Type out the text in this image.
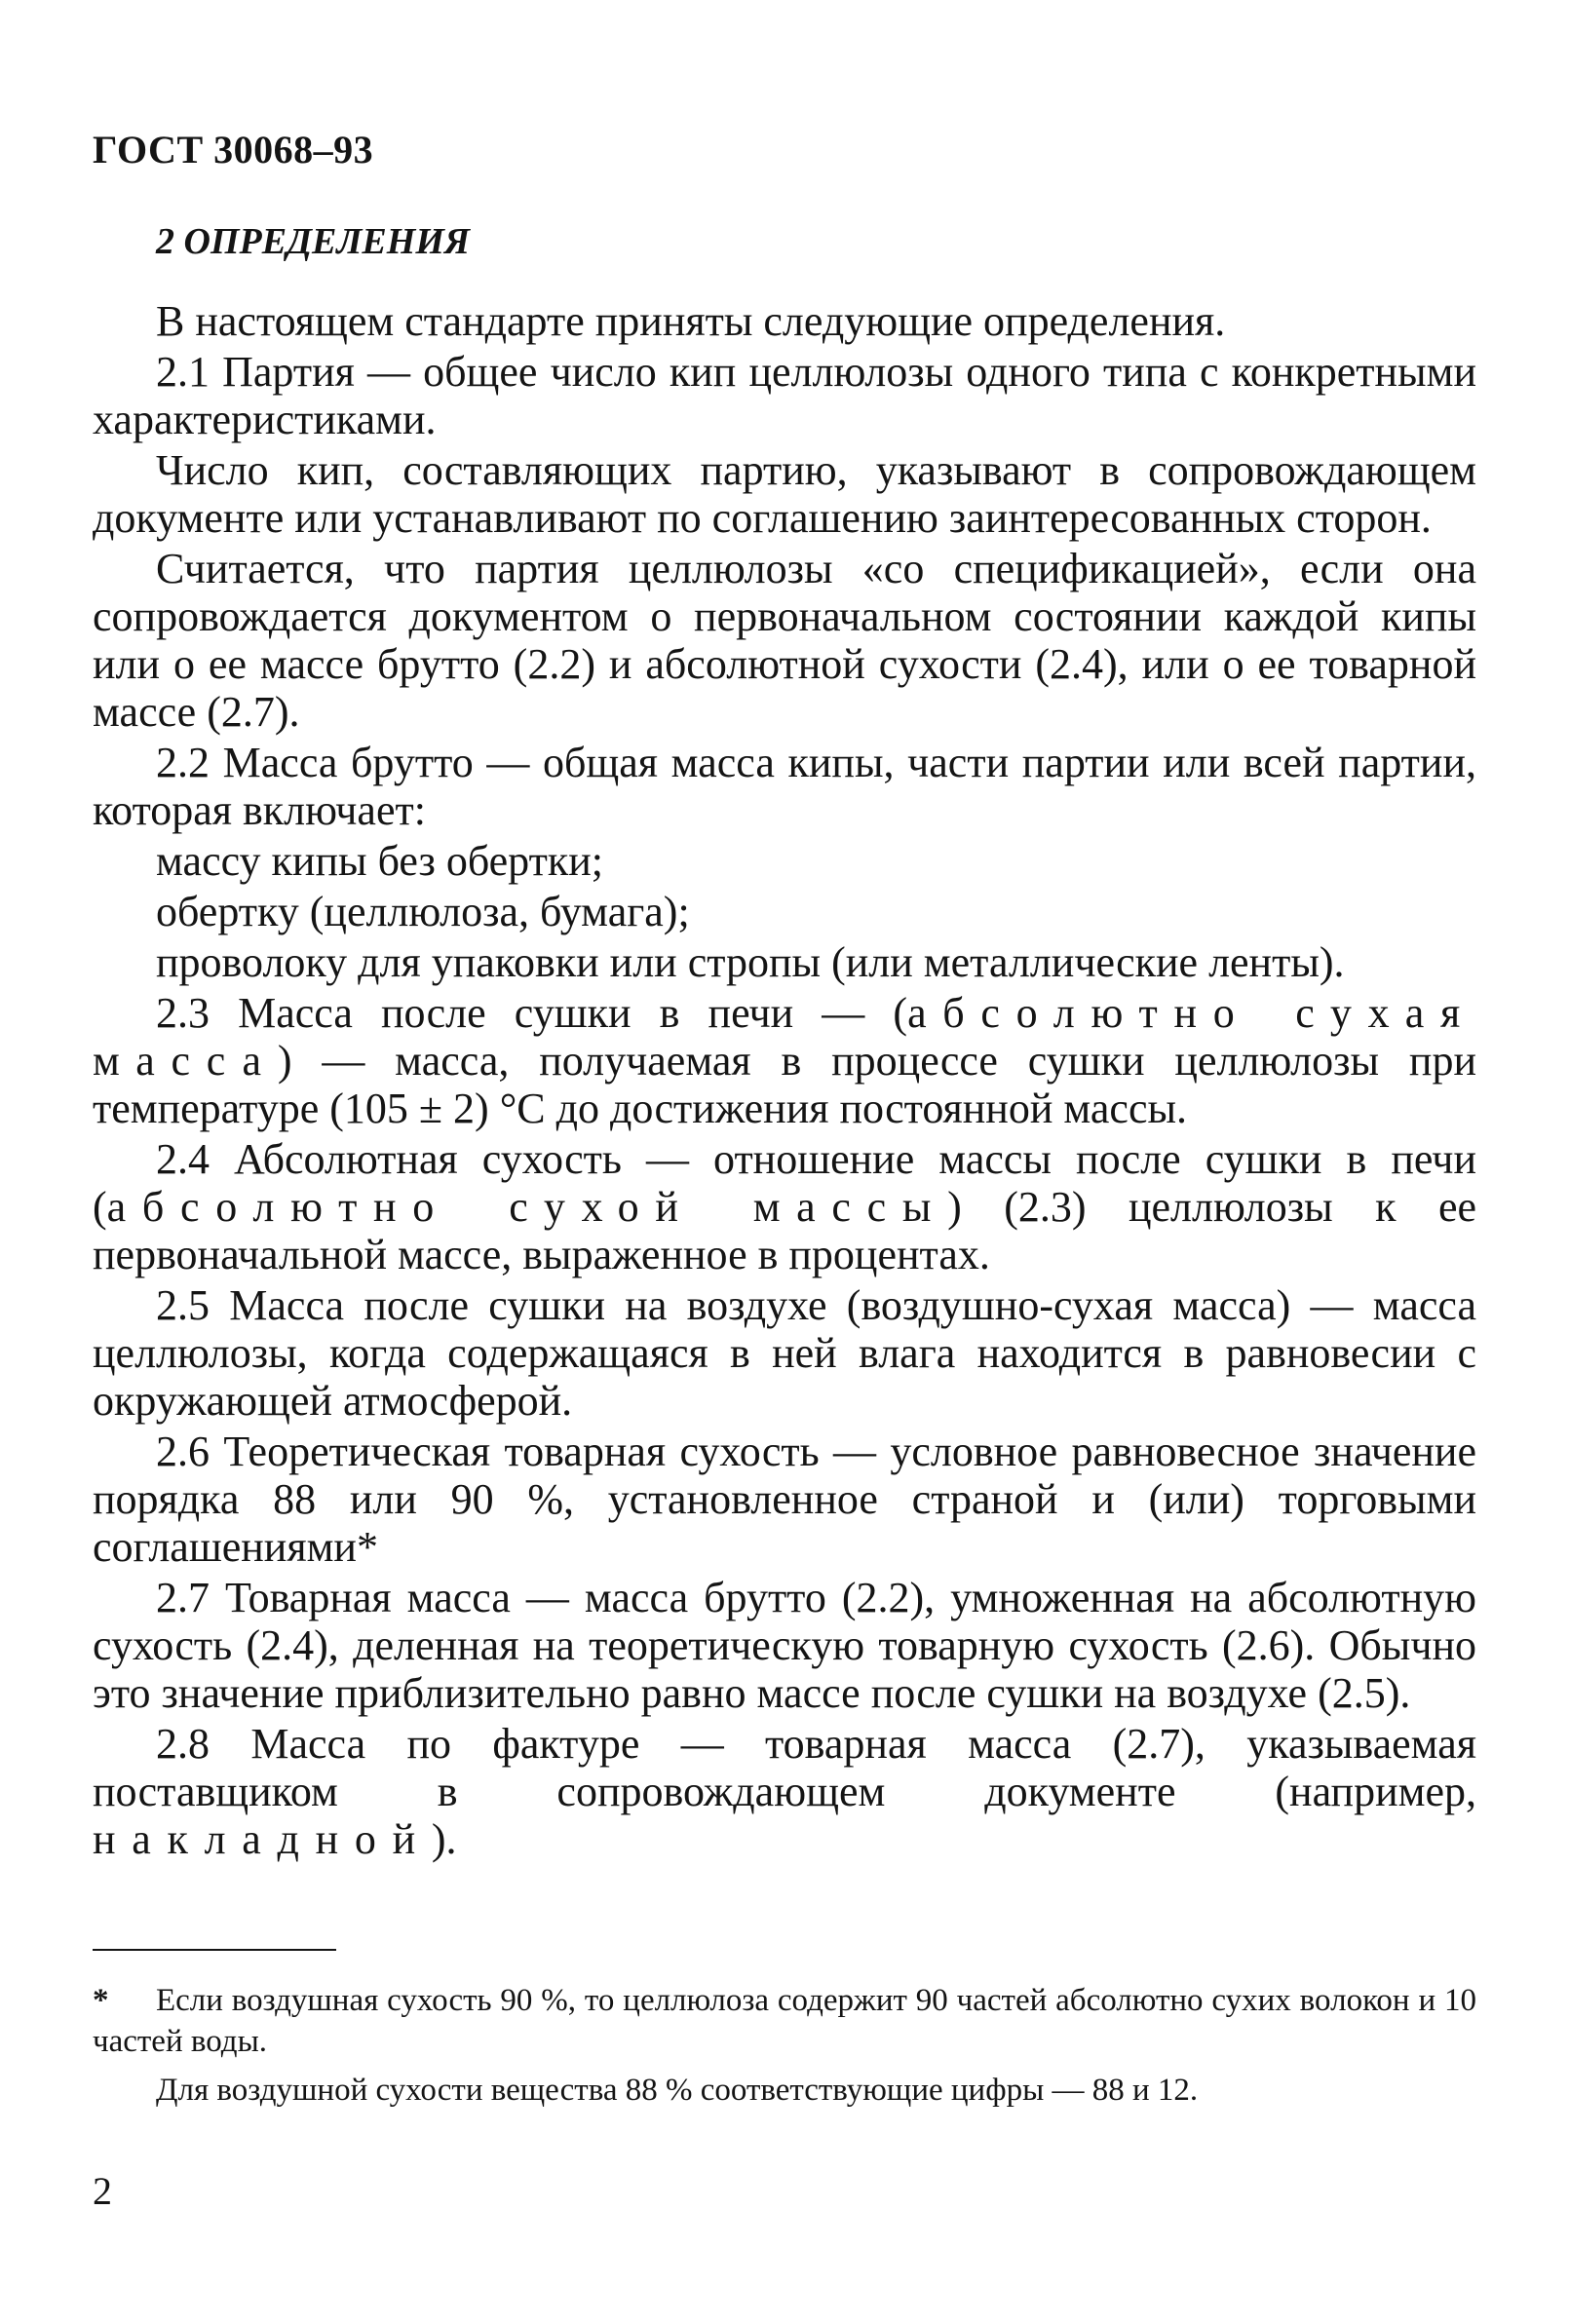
ГОСТ 30068–93
2 ОПРЕДЕЛЕНИЯ

В настоящем стандарте приняты следующие определения.

2.1 Партия — общее число кип целлюлозы одного типа с конкретными характеристиками.

Число кип, составляющих партию, указывают в сопровождающем документе или устанавливают по соглашению заинтересованных сторон.

Считается, что партия целлюлозы «со спецификацией», если она сопровождается документом о первоначальном состоянии каждой кипы или о ее массе брутто (2.2) и абсолютной сухости (2.4), или о ее товарной массе (2.7).

2.2 Масса брутто — общая масса кипы, части партии или всей партии, которая включает:

массу кипы без обертки;

обертку (целлюлоза, бумага);

проволоку для упаковки или стропы (или металлические ленты).

2.3 Масса после сушки в печи — (абсолютно сухая масса) — масса, получаемая в процессе сушки целлюлозы при температуре (105 ± 2) °С до достижения постоянной массы.

2.4 Абсолютная сухость — отношение массы после сушки в печи (абсолютно сухой массы) (2.3) целлюлозы к ее первоначальной массе, выраженное в процентах.

2.5 Масса после сушки на воздухе (воздушно-сухая масса) — масса целлюлозы, когда содержащаяся в ней влага находится в равновесии с окружающей атмосферой.

2.6 Теоретическая товарная сухость — условное равновесное значение порядка 88 или 90 %, установленное страной и (или) торговыми соглашениями*

2.7 Товарная масса — масса брутто (2.2), умноженная на абсолютную сухость (2.4), деленная на теоретическую товарную сухость (2.6). Обычно это значение приблизительно равно массе после сушки на воздухе (2.5).

2.8 Масса по фактуре — товарная масса (2.7), указываемая поставщиком в сопровождающем документе (например, накладной).

* Если воздушная сухость 90 %, то целлюлоза содержит 90 частей абсолютно сухих волокон и 10 частей воды.

Для воздушной сухости вещества 88 % соответствующие цифры — 88 и 12.

2
